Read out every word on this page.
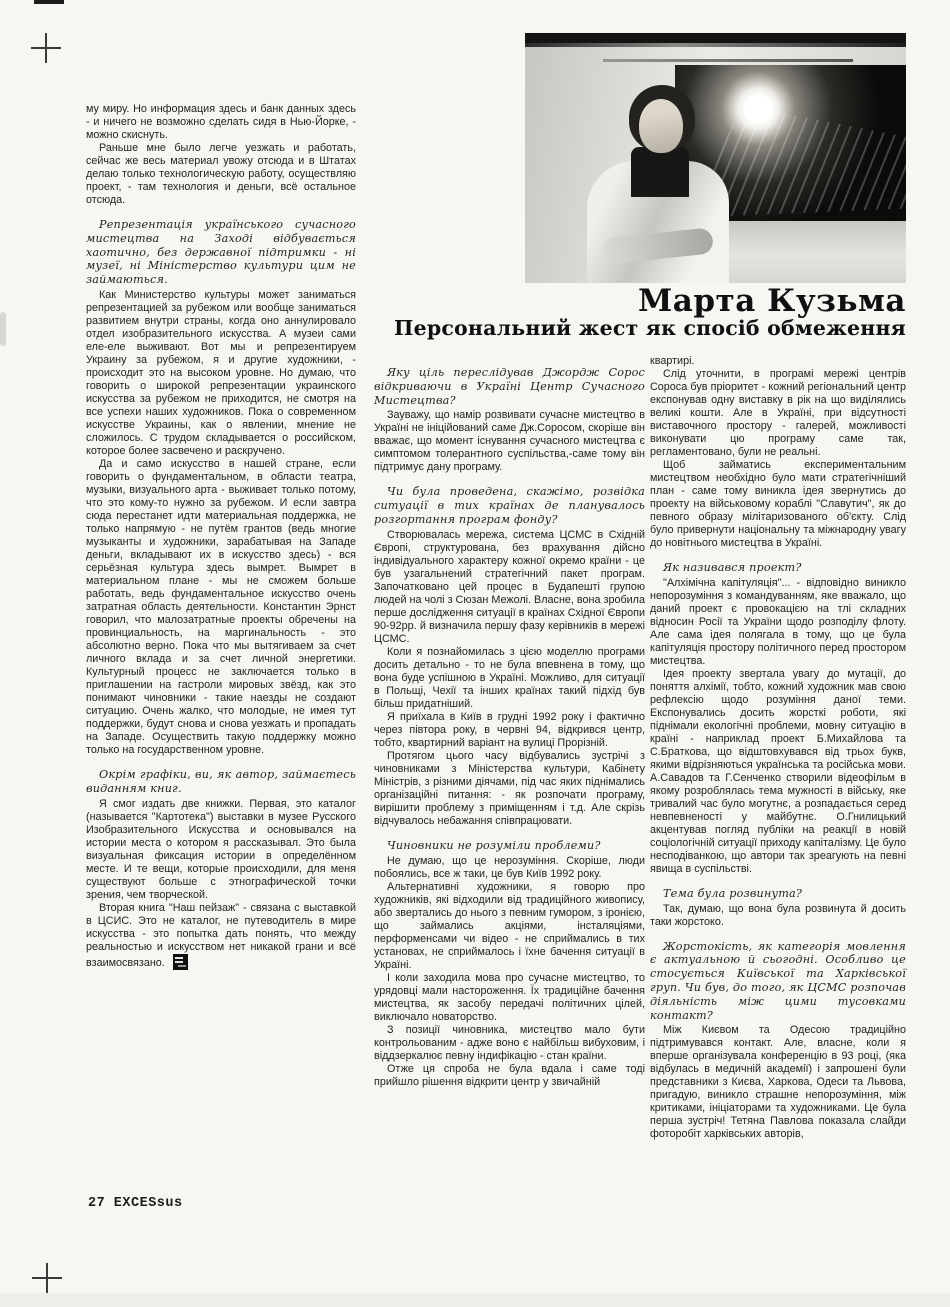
Марта Кузьма
Персональний жест як спосіб обмеження

му миру. Но информация здесь и банк данных здесь - и ничего не возможно сделать сидя в Нью-Йорке, - можно скиснуть.

Раньше мне было легче уезжать и работать, сейчас же весь материал увожу отсюда и в Штатах делаю только технологическую работу, осуществляю проект, - там технология и деньги, всё остальное отсюда.

Репрезентація українського сучасного мистецтва на Заході відбувається хаотично, без державної підтримки - ні музеї, ні Міністерство культури цим не займаються.

Как Министерство культуры может заниматься репрезентацией за рубежом или вообще заниматься развитием внутри страны, когда оно аннулировало отдел изобразительного искусства. А музеи сами еле-еле выживают. Вот мы и репрезентируем Украину за рубежом, я и другие художники, - происходит это на высоком уровне. Но думаю, что говорить о широкой репрезентации украинского искусства за рубежом не приходится, не смотря на все успехи наших художников. Пока о современном искусстве Украины, как о явлении, мнение не сложилось. С трудом складывается о российском, которое более засвечено и раскручено.

Да и само искусство в нашей стране, если говорить о фундаментальном, в области театра, музыки, визуального арта - выживает только потому, что это кому-то нужно за рубежом. И если завтра сюда перестанет идти материальная поддержка, не только напрямую - не путём грантов (ведь многие музыканты и художники, зарабатывая на Западе деньги, вкладывают их в искусство здесь) - вся серьёзная культура здесь вымрет. Вымрет в материальном плане - мы не сможем больше работать, ведь фундаментальное искусство очень затратная область деятельности. Константин Эрнст говорил, что малозатратные проекты обречены на провинциальность, на маргинальность - это абсолютно верно. Пока что мы вытягиваем за счет личного вклада и за счет личной энергетики. Культурный процесс не заключается только в приглашении на гастроли мировых звёзд, как это понимают чиновники - такие наезды не создают ситуацию. Очень жалко, что молодые, не имея тут поддержки, будут снова и снова уезжать и пропадать на Западе. Осуществить такую поддержку можно только на государственном уровне.

Окрім графіки, ви, як автор, займаєтесь виданням книг.

Я смог издать две книжки. Первая, это каталог (называется "Картотека") выставки в музее Русского Изобразительного Искусства и основывался на истории места о котором я рассказывал. Это была визуальная фиксация истории в определённом месте. И те вещи, которые происходили, для меня существуют больше с этнографической точки зрения, чем творческой.

Вторая книга "Наш пейзаж" - связана с выставкой в ЦСИС. Это не каталог, не путеводитель в мире искусства - это попытка дать понять, что между реальностью и искусством нет никакой грани и всё взаимосвязано.

Яку ціль переслідував Джордж Сорос відкриваючи в Україні Центр Сучасного Мистецтва?

Зауважу, що намір розвивати сучасне мистецтво в Україні не ініційований саме Дж.Соросом, скоріше він вважає, що момент існування сучасного мистецтва є симптомом толерантного суспільства,-саме тому він підтримує дану програму.

Чи була проведена, скажімо, розвідка ситуації в тих країнах де планувалось розгортання програм фонду?

Створювалась мережа, система ЦСМС в Східній Європі, структурована, без врахування дійсно індивідуального характеру кожної окремо країни - це був узагальнений стратегічний пакет програм. Започатковано цей процес в Будапешті групою людей на чолі з Сюзан Межолі. Власне, вона зробила перше дослідження ситуації в країнах Східної Європи 90-92рр. й визначила першу фазу керівників в мережі ЦСМС.

Коли я познайомилась з цією моделлю програми досить детально - то не була впевнена в тому, що вона буде успішною в Україні. Можливо, для ситуації в Польщі, Чехії та інших країнах такий підхід був більш придатніший.

Я приїхала в Київ в грудні 1992 року і фактично через півтора року, в червні 94, відкрився центр, тобто, квартирний варіант на вулиці Прорізній.

Протягом цього часу відбувались зустрічі з чиновниками з Міністерства культури, Кабінету Міністрів, з різними діячами, під час яких піднімались організаційні питання: - як розпочати програму, вирішити проблему з приміщенням і т.д. Але скрізь відчувалось небажання співпрацювати.

Чиновники не розуміли проблеми?

Не думаю, що це нерозуміння. Скоріше, люди побоялись, все ж таки, це був Київ 1992 року.

Альтернативні художники, я говорю про художників, які відходили від традиційного живопису, або звертались до нього з певним гумором, з іронією, що займались акціями, інсталяціями, перформенсами чи відео - не сприймались в тих установах, не сприймалось і їхне бачення ситуації в Україні.

І коли заходила мова про сучасне мистецтво, то урядовці мали настороження. Їх традиційне бачення мистецтва, як засобу передачі політичних цілей, виключало новаторство.

З позиції чиновника, мистецтво мало бути контрольованим - адже воно є найбільш вибуховим, і віддзеркалює певну індифікацію - стан країни.

Отже ця спроба не була вдала і саме тоді прийшло рішення відкрити центр у звичайній

квартирі.

Слід уточнити, в програмі мережі центрів Сороса був пріоритет - кожний регіональний центр експонував одну виставку в рік на що виділялись великі кошти. Але в Україні, при відсутності виставочного простору - галерей, можливості виконувати цю програму саме так, регламентовано, були не реальні.

Щоб займатись експериментальним мистецтвом необхідно було мати стратегічніший план - саме тому виникла ідея звернутись до проекту на військовому кораблі "Славутич", як до певного образу мілітаризованого об'єкту. Слід було привернути національну та міжнародну увагу до новітнього мистецтва в Україні.

Як називався проект?

"Алхімічна капітуляція"... - відповідно виникло непорозуміння з командуванням, яке вважало, що даний проект є провокацією на тлі складних відносин Росії та України щодо розподілу флоту. Але сама ідея полягала в тому, що це була капітуляція простору політичного перед простором мистецтва.

Ідея проекту звертала увагу до мутації, до поняття алхімії, тобто, кожний художник мав свою рефлексію щодо розуміння даної теми. Експонувались досить жорсткі роботи, які піднімали екологічні проблеми, мовну ситуацію в країні - наприклад проект Б.Михайлова та С.Браткова, що відштовхувався від трьох букв, якими відрізняються українська та російська мови. А.Савадов та Г.Сенченко створили відеофільм в якому розроблялась тема мужності в війську, яке тривалий час було могутнє, а розпадається серед невпевненості у майбутнє. О.Гнилицький акцентував погляд публіки на реакції в новій соціологічній ситуації приходу капіталізму. Це було несподіванкою, що автори так зреагують на певні явища в суспільстві.

Тема була розвинута?

Так, думаю, що вона була розвинута й досить таки жорстоко.

Жорстокість, як категорія мовлення є актуальною й сьогодні. Особливо це стосується Київської та Харківської груп. Чи був, до того, як ЦСМС розпочав діяльність між цими тусовками контакт?

Між Києвом та Одесою традиційно підтримувався контакт. Але, власне, коли я вперше організувала конференцію в 93 році, (яка відбулась в медичній академії) і запрошені були представники з Києва, Харкова, Одеси та Львова, пригадую, виникло страшне непорозуміння, між критиками, ініціаторами та художниками. Це була перша зустріч! Тетяна Павлова показала слайди фоторобіт харківських авторів,

27 EXCESsus
